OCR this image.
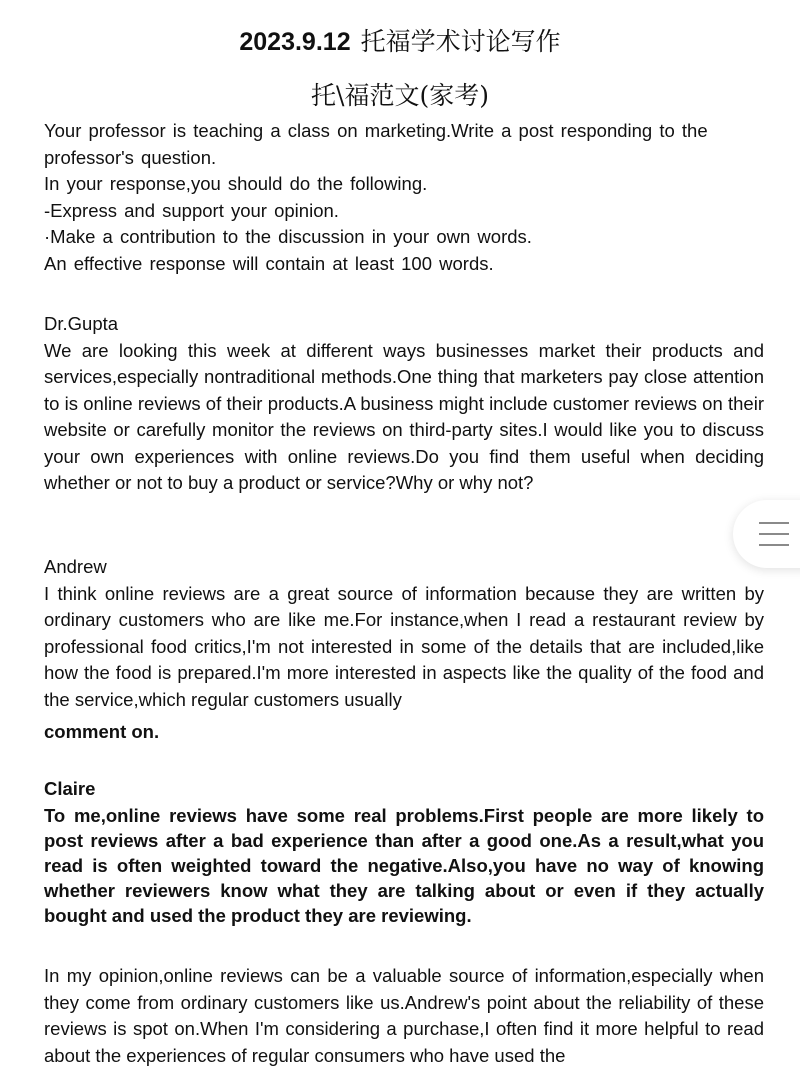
2023.9.12 托福学术讨论写作
托\福范文(家考)

Your professor is teaching a class on marketing.Write a post responding to the professor's question.

In your response,you should do the following.

-Express and support your opinion.

·Make a contribution to the discussion in your own words.

An effective response will contain at least 100 words.

Dr.Gupta

We are looking this week at different ways businesses market their products and services,especially nontraditional methods.One thing that marketers pay close attention to is online reviews of their products.A business might include customer reviews on their website or carefully monitor the reviews on third-party sites.I would like you to discuss your own experiences with online reviews.Do you find them useful when deciding whether or not to buy a product or service?Why or why not?

Andrew

I think online reviews are a great source of information because they are written by ordinary customers who are like me.For instance,when I read a restaurant review by professional food critics,I'm not interested in some of the details that are included,like how the food is prepared.I'm more interested in aspects like the quality of the food and the service,which regular customers usually

comment on.

Claire

To me,online reviews have some real problems.First people are more likely to post reviews after a bad experience than after a good one.As a result,what you read is often weighted toward the negative.Also,you have no way of knowing whether reviewers know what they are talking about or even if they actually bought and used the product they are reviewing.

In my opinion,online reviews can be a valuable source of information,especially when they come from ordinary customers like us.Andrew's point about the reliability of these reviews is spot on.When I'm considering a purchase,I often find it more helpful to read about the experiences of regular consumers who have used the
